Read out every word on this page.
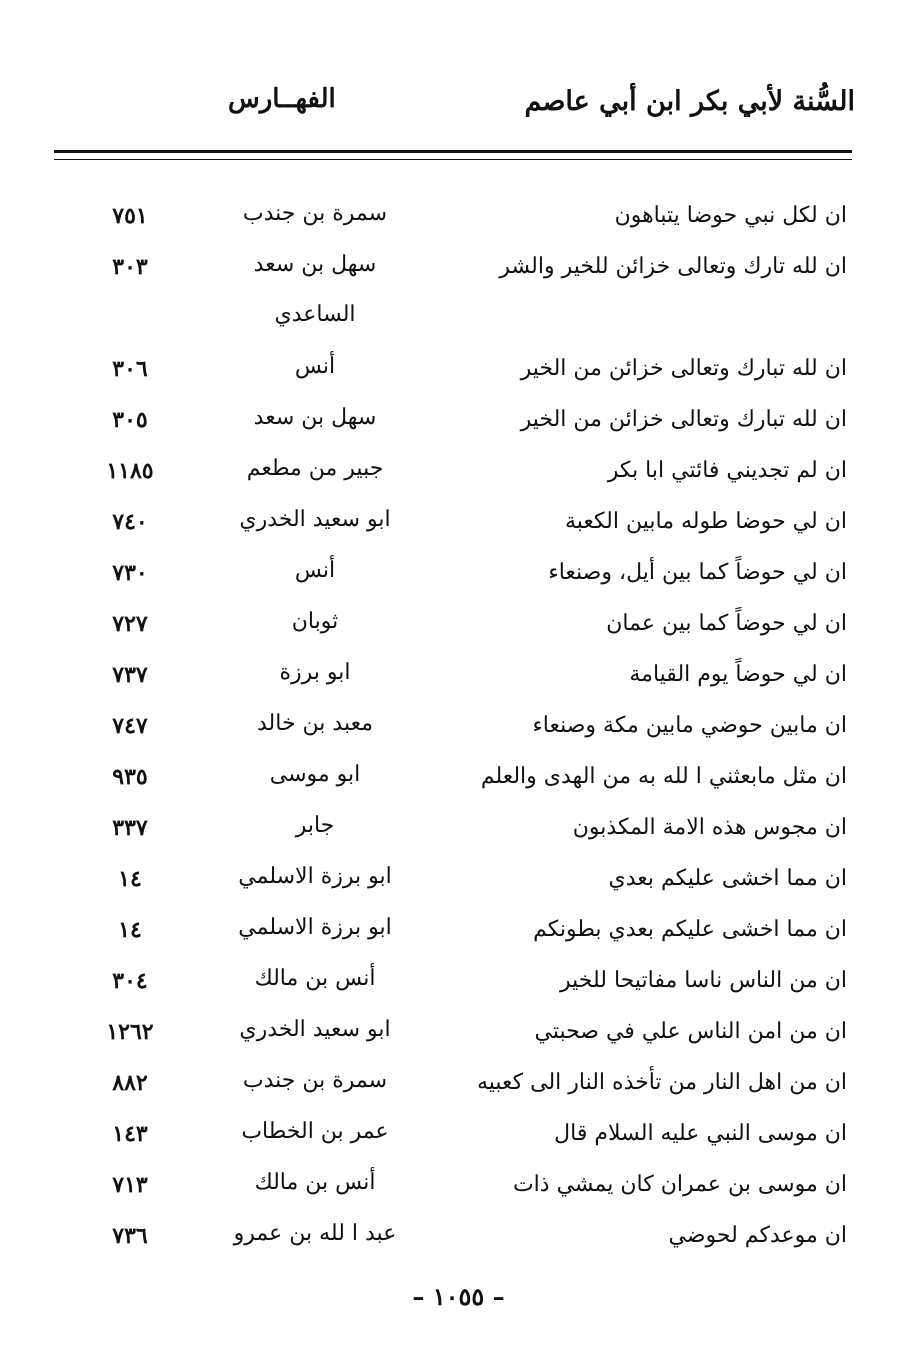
السُّنة لأبي بكر ابن أبي عاصم
الفهــارس
ان لكل نبي حوضا يتباهون
سمرة بن جندب
٧٥١
ان لله تارك وتعالى خزائن للخير والشر
سهل بن سعد الساعدي
٣٠٣
ان لله تبارك وتعالى خزائن من الخير
أنس
٣٠٦
ان لله تبارك وتعالى خزائن من الخير
سهل بن سعد
٣٠٥
ان لم تجديني فائتي ابا بكر
جبير من مطعم
١١٨٥
ان لي حوضا طوله مابين الكعبة
ابو سعيد الخدري
٧٤٠
ان لي حوضاً كما بين أيل، وصنعاء
أنس
٧٣٠
ان لي حوضاً كما بين عمان
ثوبان
٧٢٧
ان لي حوضاً يوم القيامة
ابو برزة
٧٣٧
ان مابين حوضي مابين مكة وصنعاء
معبد بن خالد
٧٤٧
ان مثل مابعثني ا لله به من الهدى والعلم
ابو موسى
٩٣٥
ان مجوس هذه الامة المكذبون
جابر
٣٣٧
ان مما اخشى عليكم بعدي
ابو برزة الاسلمي
١٤
ان مما اخشى عليكم بعدي بطونكم
ابو برزة الاسلمي
١٤
ان من الناس ناسا مفاتيحا للخير
أنس بن مالك
٣٠٤
ان من امن الناس علي في صحبتي
ابو سعيد الخدري
١٢٦٢
ان من اهل النار من تأخذه النار الى كعبيه
سمرة بن جندب
٨٨٢
ان موسى النبي عليه السلام قال
عمر بن الخطاب
١٤٣
ان موسى بن عمران كان يمشي ذات
أنس بن مالك
٧١٣
ان موعدكم لحوضي
عبد ا لله بن عمرو
٧٣٦
– ١٠٥٥ –
